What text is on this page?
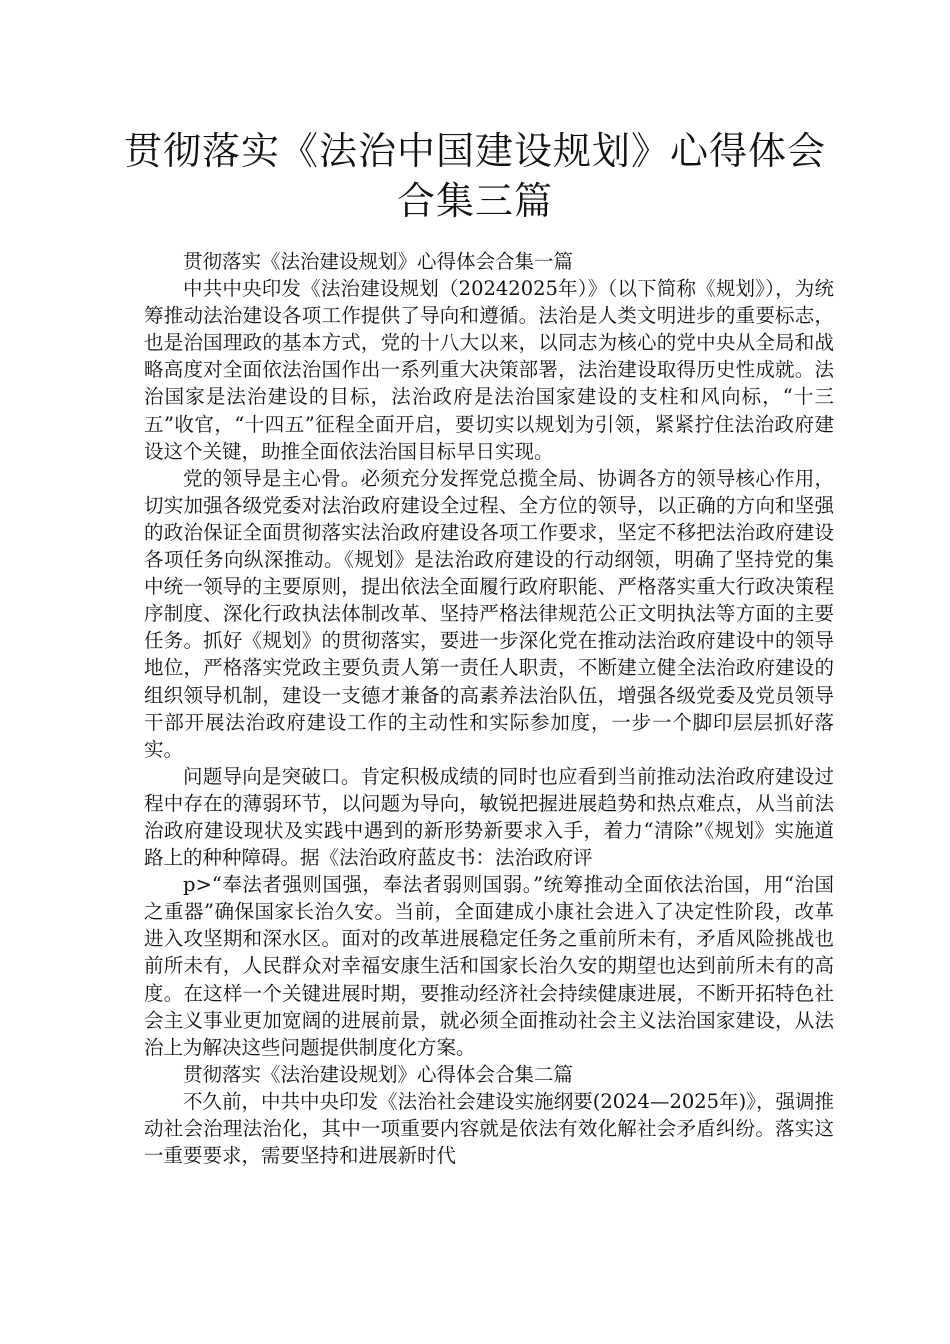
贯彻落实《法治中国建设规划》心得体会
合集三篇

贯彻落实《法治建设规划》心得体会合集一篇

中共中央印发《法治建设规划（20242025年）》（以下简称《规划》），为统筹推动法治建设各项工作提供了导向和遵循。法治是人类文明进步的重要标志，也是治国理政的基本方式，党的十八大以来，以同志为核心的党中央从全局和战略高度对全面依法治国作出一系列重大决策部署，法治建设取得历史性成就。法治国家是法治建设的目标，法治政府是法治国家建设的支柱和风向标，“十三五”收官，“十四五”征程全面开启，要切实以规划为引领，紧紧拧住法治政府建设这个关键，助推全面依法治国目标早日实现。

党的领导是主心骨。必须充分发挥党总揽全局、协调各方的领导核心作用，切实加强各级党委对法治政府建设全过程、全方位的领导，以正确的方向和坚强的政治保证全面贯彻落实法治政府建设各项工作要求，坚定不移把法治政府建设各项任务向纵深推动。《规划》是法治政府建设的行动纲领，明确了坚持党的集中统一领导的主要原则，提出依法全面履行政府职能、严格落实重大行政决策程序制度、深化行政执法体制改革、坚持严格法律规范公正文明执法等方面的主要任务。抓好《规划》的贯彻落实，要进一步深化党在推动法治政府建设中的领导地位，严格落实党政主要负责人第一责任人职责，不断建立健全法治政府建设的组织领导机制，建设一支德才兼备的高素养法治队伍，增强各级党委及党员领导干部开展法治政府建设工作的主动性和实际参加度，一步一个脚印层层抓好落实。

问题导向是突破口。肯定积极成绩的同时也应看到当前推动法治政府建设过程中存在的薄弱环节，以问题为导向，敏锐把握进展趋势和热点难点，从当前法治政府建设现状及实践中遇到的新形势新要求入手，着力“清除”《规划》实施道路上的种种障碍。据《法治政府蓝皮书：法治政府评

p>“奉法者强则国强，奉法者弱则国弱。”统筹推动全面依法治国，用“治国之重器”确保国家长治久安。当前，全面建成小康社会进入了决定性阶段，改革进入攻坚期和深水区。面对的改革进展稳定任务之重前所未有，矛盾风险挑战也前所未有，人民群众对幸福安康生活和国家长治久安的期望也达到前所未有的高度。在这样一个关键进展时期，要推动经济社会持续健康进展，不断开拓特色社会主义事业更加宽阔的进展前景，就必须全面推动社会主义法治国家建设，从法治上为解决这些问题提供制度化方案。

贯彻落实《法治建设规划》心得体会合集二篇

不久前，中共中央印发《法治社会建设实施纲要(2024—2025年)》，强调推动社会治理法治化，其中一项重要内容就是依法有效化解社会矛盾纠纷。落实这一重要要求，需要坚持和进展新时代
